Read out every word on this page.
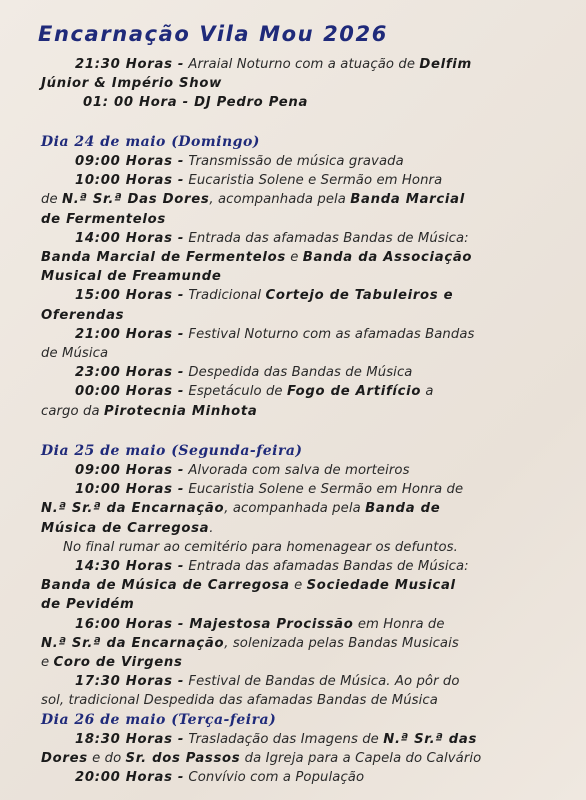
Encarnação Vila Mou 2026
21:30 Horas - Arraial Noturno com a atuação de Delfim
Júnior & Império Show
01: 00 Hora - DJ Pedro Pena
Dia 24 de maio (Domingo)
09:00 Horas - Transmissão de música gravada
10:00 Horas - Eucaristia Solene e Sermão em Honra
de N.ª Sr.ª Das Dores, acompanhada pela Banda Marcial
de Fermentelos
14:00 Horas - Entrada das afamadas Bandas de Música:
Banda Marcial de Fermentelos e Banda da Associação
Musical de Freamunde
15:00 Horas - Tradicional Cortejo de Tabuleiros e
Oferendas
21:00 Horas - Festival Noturno com as afamadas Bandas
de Música
23:00 Horas - Despedida das Bandas de Música
00:00 Horas - Espetáculo de Fogo de Artifício a
cargo da Pirotecnia Minhota
Dia 25 de maio (Segunda-feira)
09:00 Horas - Alvorada com salva de morteiros
10:00 Horas - Eucaristia Solene e Sermão em Honra de
N.ª Sr.ª da Encarnação, acompanhada pela Banda de
Música de Carregosa.
No final rumar ao cemitério para homenagear os defuntos.
14:30 Horas - Entrada das afamadas Bandas de Música:
Banda de Música de Carregosa e Sociedade Musical
de Pevidém
16:00 Horas - Majestosa Procissão em Honra de
N.ª Sr.ª da Encarnação, solenizada pelas Bandas Musicais
e Coro de Virgens
17:30 Horas - Festival de Bandas de Música. Ao pôr do
sol, tradicional Despedida das afamadas Bandas de Música
Dia 26 de maio (Terça-feira)
18:30 Horas - Trasladação das Imagens de N.ª Sr.ª das
Dores e do Sr. dos Passos da Igreja para a Capela do Calvário
20:00 Horas - Convívio com a População
